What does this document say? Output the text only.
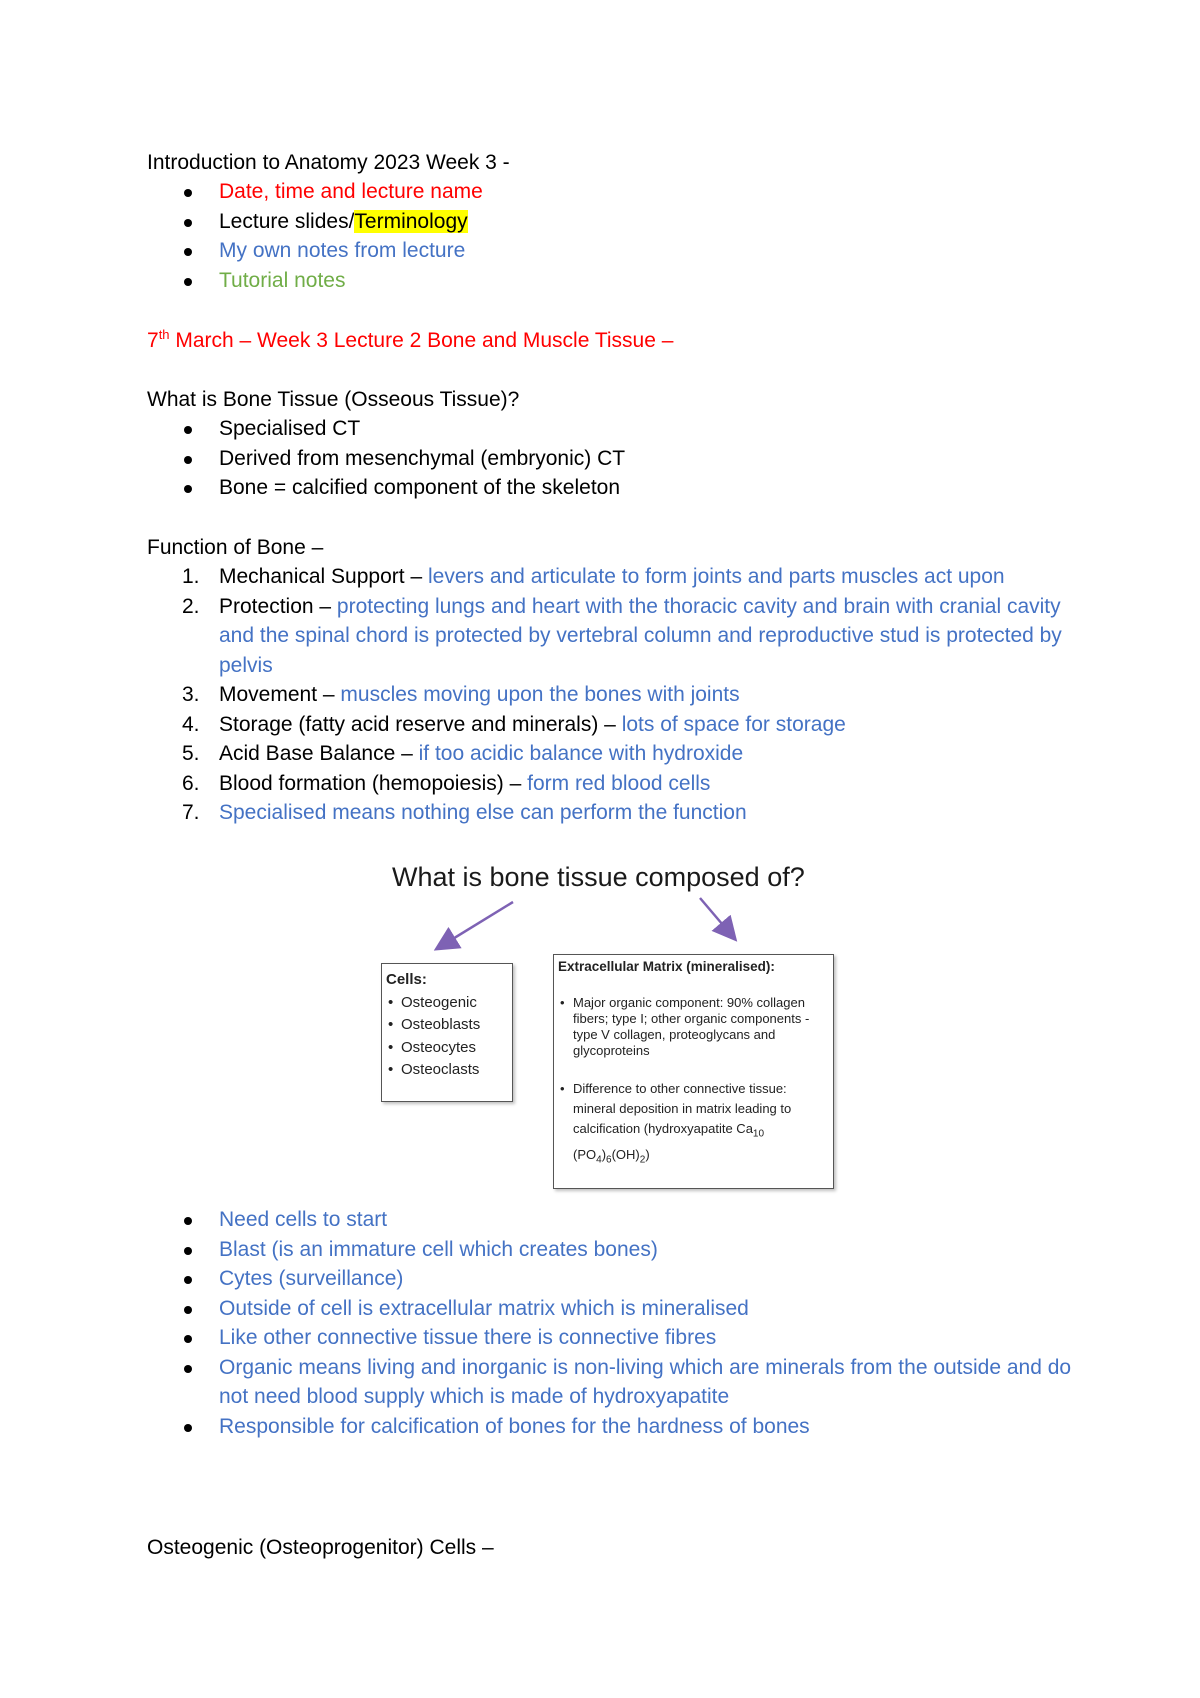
Introduction to Anatomy 2023 Week 3 -
Date, time and lecture name
Lecture slides/Terminology
My own notes from lecture
Tutorial notes
7th March – Week 3 Lecture 2 Bone and Muscle Tissue –
What is Bone Tissue (Osseous Tissue)?
Specialised CT
Derived from mesenchymal (embryonic) CT
Bone = calcified component of the skeleton
Function of Bone –
1. Mechanical Support – levers and articulate to form joints and parts muscles act upon
2. Protection – protecting lungs and heart with the thoracic cavity and brain with cranial cavity and the spinal chord is protected by vertebral column and reproductive stud is protected by pelvis
3. Movement – muscles moving upon the bones with joints
4. Storage (fatty acid reserve and minerals) – lots of space for storage
5. Acid Base Balance – if too acidic balance with hydroxide
6. Blood formation (hemopoiesis) – form red blood cells
7. Specialised means nothing else can perform the function
What is bone tissue composed of?
Cells:
• Osteogenic
• Osteoblasts
• Osteocytes
• Osteoclasts
Extracellular Matrix (mineralised):
• Major organic component: 90% collagen fibers; type I; other organic components - type V collagen, proteoglycans and glycoproteins
• Difference to other connective tissue: mineral deposition in matrix leading to calcification (hydroxyapatite $Ca_{10}$ $(PO_4)_6(OH)_2$)
Need cells to start
Blast (is an immature cell which creates bones)
Cytes (surveillance)
Outside of cell is extracellular matrix which is mineralised
Like other connective tissue there is connective fibres
Organic means living and inorganic is non-living which are minerals from the outside and do not need blood supply which is made of hydroxyapatite
Responsible for calcification of bones for the hardness of bones
Osteogenic (Osteoprogenitor) Cells –
